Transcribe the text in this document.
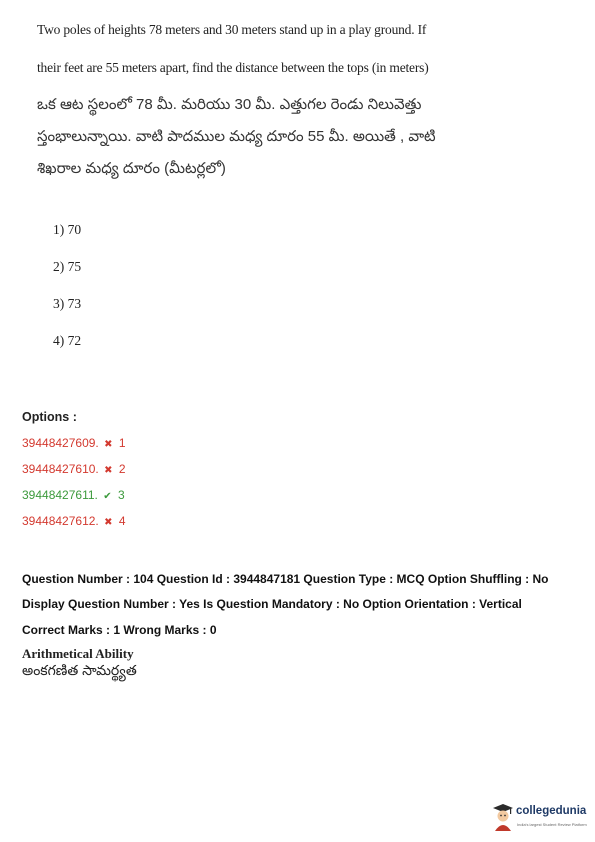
Two poles of heights 78 meters and 30 meters stand up in a play ground. If
their feet are 55 meters apart, find the distance between the tops (in meters)
ఒక ఆట స్థలంలో 78 మీ. మరియు 30 మీ. ఎత్తుగల రెండు నిలువెత్తు
స్తంభాలున్నాయి. వాటి పాదముల మధ్య దూరం 55 మీ. అయితే , వాటి
శిఖరాల మధ్య దూరం (మీటర్లలో)
1) 70
2) 75
3) 73
4) 72
Options :
39448427609. ✖ 1
39448427610. ✖ 2
39448427611. ✔ 3
39448427612. ✖ 4
Question Number : 104 Question Id : 3944847181 Question Type : MCQ Option Shuffling : No
Display Question Number : Yes Is Question Mandatory : No Option Orientation : Vertical
Correct Marks : 1 Wrong Marks : 0
Arithmetical Ability
అంకగణిత సామర్థ్యత
collegedunia
India's largest Student Review Platform
